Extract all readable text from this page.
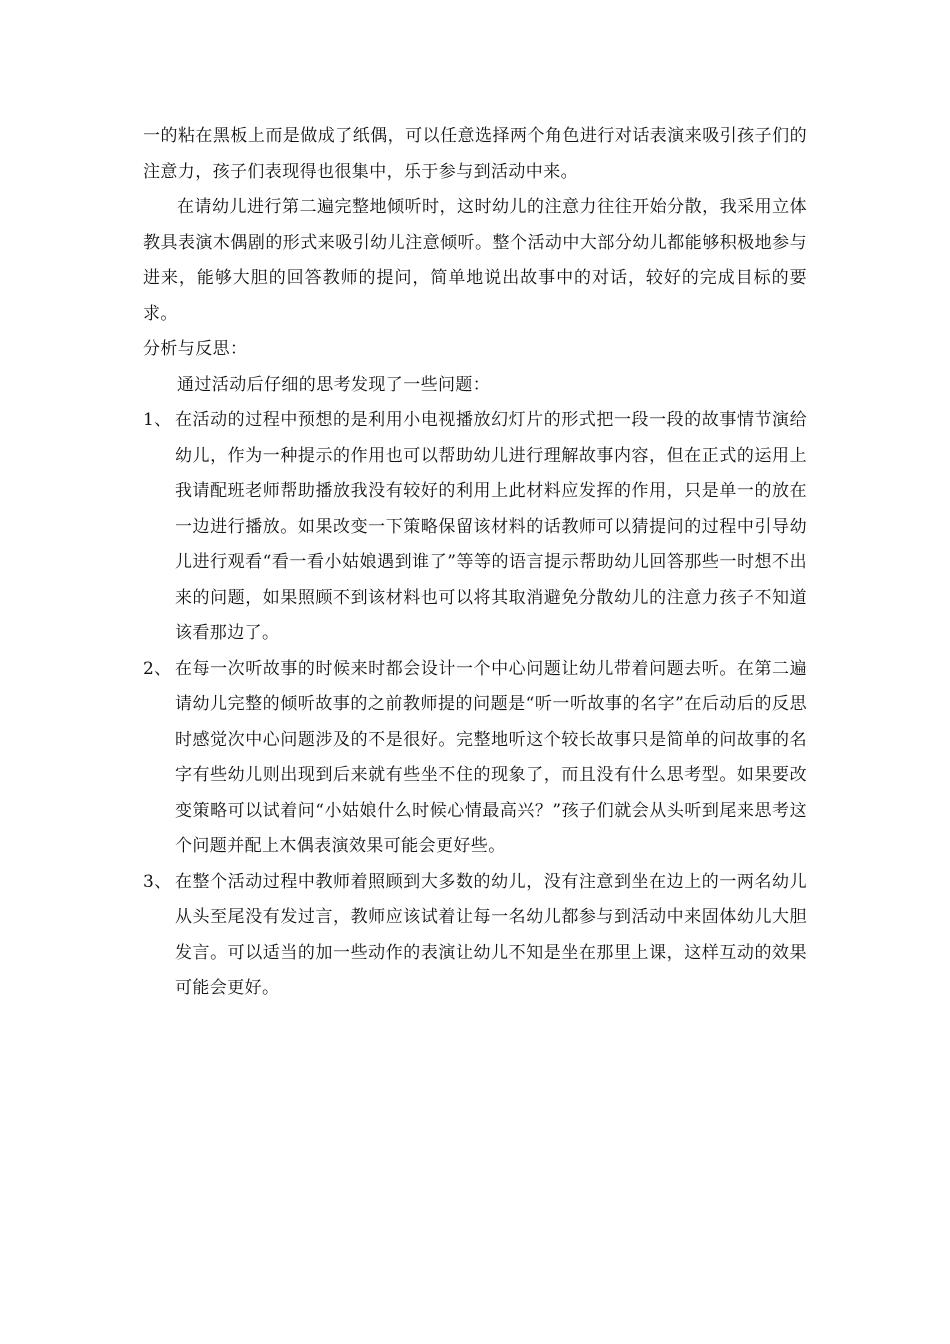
一的粘在黑板上而是做成了纸偶，可以任意选择两个角色进行对话表演来吸引孩子们的注意力，孩子们表现得也很集中，乐于参与到活动中来。

在请幼儿进行第二遍完整地倾听时，这时幼儿的注意力往往开始分散，我采用立体教具表演木偶剧的形式来吸引幼儿注意倾听。整个活动中大部分幼儿都能够积极地参与进来，能够大胆的回答教师的提问，简单地说出故事中的对话，较好的完成目标的要求。

分析与反思：

通过活动后仔细的思考发现了一些问题：

1、 在活动的过程中预想的是利用小电视播放幻灯片的形式把一段一段的故事情节演给幼儿，作为一种提示的作用也可以帮助幼儿进行理解故事内容，但在正式的运用上我请配班老师帮助播放我没有较好的利用上此材料应发挥的作用，只是单一的放在一边进行播放。如果改变一下策略保留该材料的话教师可以猜提问的过程中引导幼儿进行观看“看一看小姑娘遇到谁了”等等的语言提示帮助幼儿回答那些一时想不出来的问题，如果照顾不到该材料也可以将其取消避免分散幼儿的注意力孩子不知道该看那边了。
2、 在每一次听故事的时候来时都会设计一个中心问题让幼儿带着问题去听。在第二遍请幼儿完整的倾听故事的之前教师提的问题是“听一听故事的名字”在后动后的反思时感觉次中心问题涉及的不是很好。完整地听这个较长故事只是简单的问故事的名字有些幼儿则出现到后来就有些坐不住的现象了，而且没有什么思考型。如果要改变策略可以试着问“小姑娘什么时候心情最高兴？”孩子们就会从头听到尾来思考这个问题并配上木偶表演效果可能会更好些。
3、 在整个活动过程中教师着照顾到大多数的幼儿，没有注意到坐在边上的一两名幼儿从头至尾没有发过言，教师应该试着让每一名幼儿都参与到活动中来固体幼儿大胆发言。可以适当的加一些动作的表演让幼儿不知是坐在那里上课，这样互动的效果可能会更好。
